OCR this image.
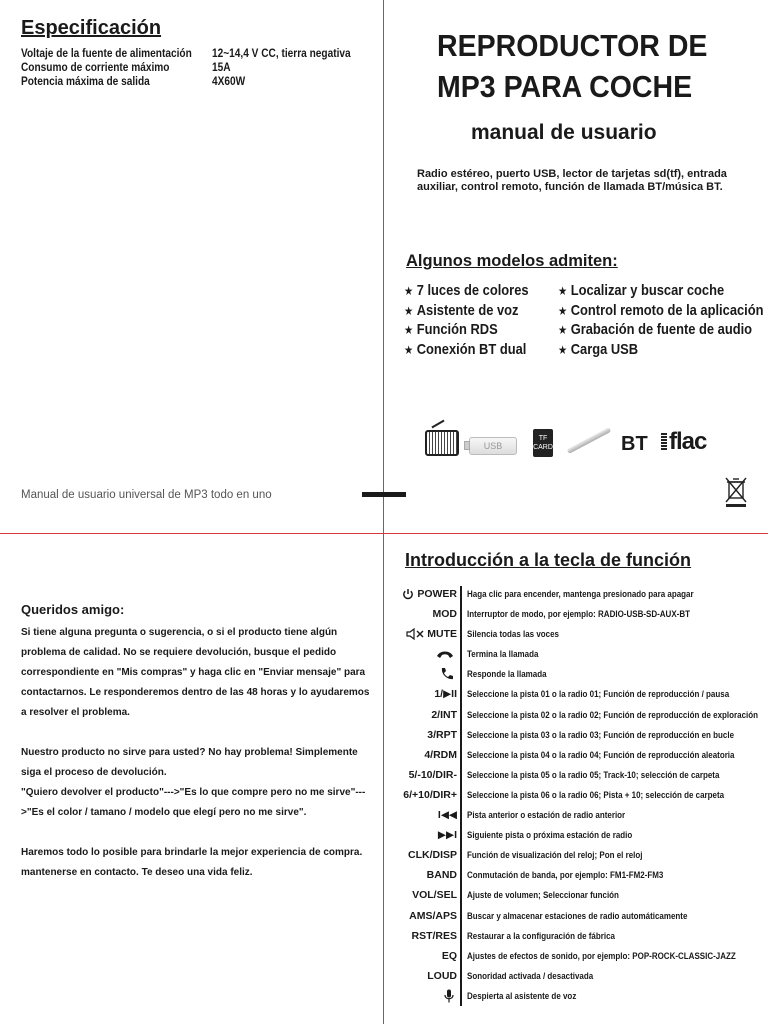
Especificación
Voltaje de la fuente de alimentación 12~14,4 V CC, tierra negativa
Consumo de corriente máximo	15A
Potencia máxima de salida	4X60W
Manual de usuario universal de MP3 todo en uno
REPRODUCTOR DE
MP3 PARA COCHE
manual de usuario
Radio estéreo, puerto USB, lector de tarjetas sd(tf), entrada auxiliar, control remoto, función de llamada BT/música BT.
Algunos modelos admiten:
★ 7 luces de colores
★ Asistente de voz
★ Función RDS
★ Conexión BT dual
★ Localizar y buscar coche
★ Control remoto de la aplicación
★ Grabación de fuente de audio
★ Carga USB
USB
TF CARD	BT flac
Queridos amigo:
Si tiene alguna pregunta o sugerencia, o si el producto tiene algún
problema de calidad. No se requiere devolución, busque el pedido
correspondiente en "Mis compras" y haga clic en "Enviar mensaje" para
contactarnos. Le responderemos dentro de las 48 horas y lo ayudaremos
a resolver el problema.
Nuestro producto no sirve para usted? No hay problema! Simplemente
siga el proceso de devolución.
"Quiero devolver el producto"--->"Es lo que compre pero no me sirve"---
>"Es el color / tamano / modelo que elegí pero no me sirve".
Haremos todo lo posible para brindarle la mejor experiencia de compra.
mantenerse en contacto. Te deseo una vida feliz.
Introducción a la tecla de función
POWER Haga clic para encender, mantenga presionado para apagar
MOD Interruptor de modo, por ejemplo: RADIO-USB-SD-AUX-BT
MUTE Silencia todas las voces
Termina la llamada
Responde la llamada
1/▶II Seleccione la pista 01 o la radio 01; Función de reproducción / pausa
2/INT Seleccione la pista 02 o la radio 02; Función de reproducción de exploración
3/RPT Seleccione la pista 03 o la radio 03; Función de reproducción en bucle
4/RDM Seleccione la pista 04 o la radio 04; Función de reproducción aleatoria
5/-10/DIR- Seleccione la pista 05 o la radio 05; Track-10; selección de carpeta
6/+10/DIR+ Seleccione la pista 06 o la radio 06; Pista + 10; selección de carpeta
I◀◀ Pista anterior o estación de radio anterior
▶▶I Siguiente pista o próxima estación de radio
CLK/DISP Función de visualización del reloj; Pon el reloj
BAND Conmutación de banda, por ejemplo: FM1-FM2-FM3
VOL/SEL Ajuste de volumen; Seleccionar función
AMS/APS Buscar y almacenar estaciones de radio automáticamente
RST/RES Restaurar a la configuración de fábrica
EQ Ajustes de efectos de sonido, por ejemplo: POP-ROCK-CLASSIC-JAZZ
LOUD Sonoridad activada / desactivada
Despierta al asistente de voz
